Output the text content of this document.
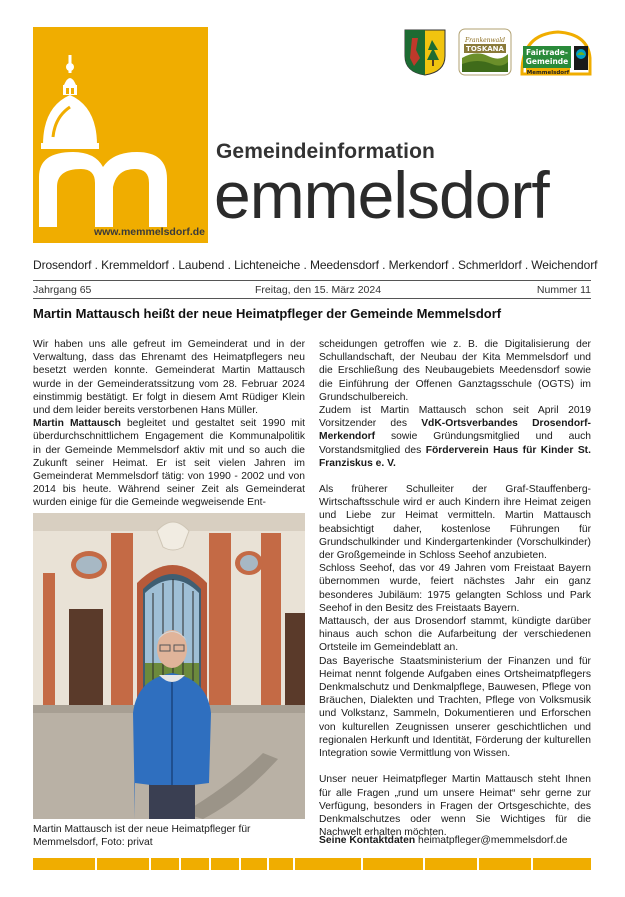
www.memmelsdorf.de
Gemeindeinformation
emmelsdorf
Frankenwald
TOSKANA	Fairtrade-
Gemeinde
Memmelsdorf
Drosendorf . Kremmeldorf . Laubend . Lichteneiche . Meedensdorf . Merkendorf . Schmerldorf . Weichendorf
Jahrgang 65	Freitag, den 15. März 2024	Nummer 11
Martin Mattausch heißt der neue Heimatpfleger der Gemeinde Memmelsdorf

Wir haben uns alle gefreut im Gemeinderat und in der Verwaltung, dass das Ehrenamt des Heimatpflegers neu besetzt werden konnte. Gemeinderat Martin Mattausch wurde in der Gemeinderatssitzung vom 28. Februar 2024 einstimmig bestätigt. Er folgt in diesem Amt Rüdiger Klein und dem leider bereits verstorbenen Hans Müller.

Martin Mattausch begleitet und gestaltet seit 1990 mit überdurchschnittlichem Engagement die Kommunalpolitik in der Gemeinde Memmelsdorf aktiv mit und so auch die Zukunft seiner Heimat. Er ist seit vielen Jahren im Gemeinderat Memmelsdorf tätig: von 1990 - 2002 und von 2014 bis heute. Während seiner Zeit als Gemeinderat wurden einige für die Gemeinde wegweisende Ent-

Martin Mattausch ist der neue Heimatpfleger für Memmelsdorf, Foto: privat

scheidungen getroffen wie z. B. die Digitalisierung der Schullandschaft, der Neubau der Kita Memmelsdorf und die Erschließung des Neubaugebiets Meedensdorf sowie die Einführung der Offenen Ganztagsschule (OGTS) im Grundschulbereich.

Zudem ist Martin Mattausch schon seit April 2019 Vorsitzender des VdK-Ortsverbandes Drosendorf-Merkendorf sowie Gründungsmitglied und auch Vorstandsmitglied des Förderverein Haus für Kinder St. Franziskus e. V.

Als früherer Schulleiter der Graf-Stauffenberg-Wirtschaftsschule wird er auch Kindern ihre Heimat zeigen und Liebe zur Heimat vermitteln. Martin Mattausch beabsichtigt daher, kostenlose Führungen für Grundschulkinder und Kindergartenkinder (Vorschulkinder) der Großgemeinde in Schloss Seehof anzubieten.

Schloss Seehof, das vor 49 Jahren vom Freistaat Bayern übernommen wurde, feiert nächstes Jahr ein ganz besonderes Jubiläum: 1975 gelangten Schloss und Park Seehof in den Besitz des Freistaats Bayern.

Mattausch, der aus Drosendorf stammt, kündigte darüber hinaus auch schon die Aufarbeitung der verschiedenen Ortsteile im Gemeindeblatt an.

Das Bayerische Staatsministerium der Finanzen und für Heimat nennt folgende Aufgaben eines Ortsheimatpflegers Denkmalschutz und Denkmalpflege, Bauwesen, Pflege von Bräuchen, Dialekten und Trachten, Pflege von Volksmusik und Volkstanz, Sammeln, Dokumentieren und Erforschen von kulturellen Zeugnissen unserer geschichtlichen und regionalen Herkunft und Identität, Förderung der kulturellen Integration sowie Vermittlung von Wissen.

Unser neuer Heimatpfleger Martin Mattausch steht Ihnen für alle Fragen „rund um unsere Heimat“ sehr gerne zur Verfügung, besonders in Fragen der Ortsgeschichte, des Denkmalschutzes oder wenn Sie Wichtiges für die Nachwelt erhalten möchten.

Seine Kontaktdaten heimatpfleger@memmelsdorf.de
